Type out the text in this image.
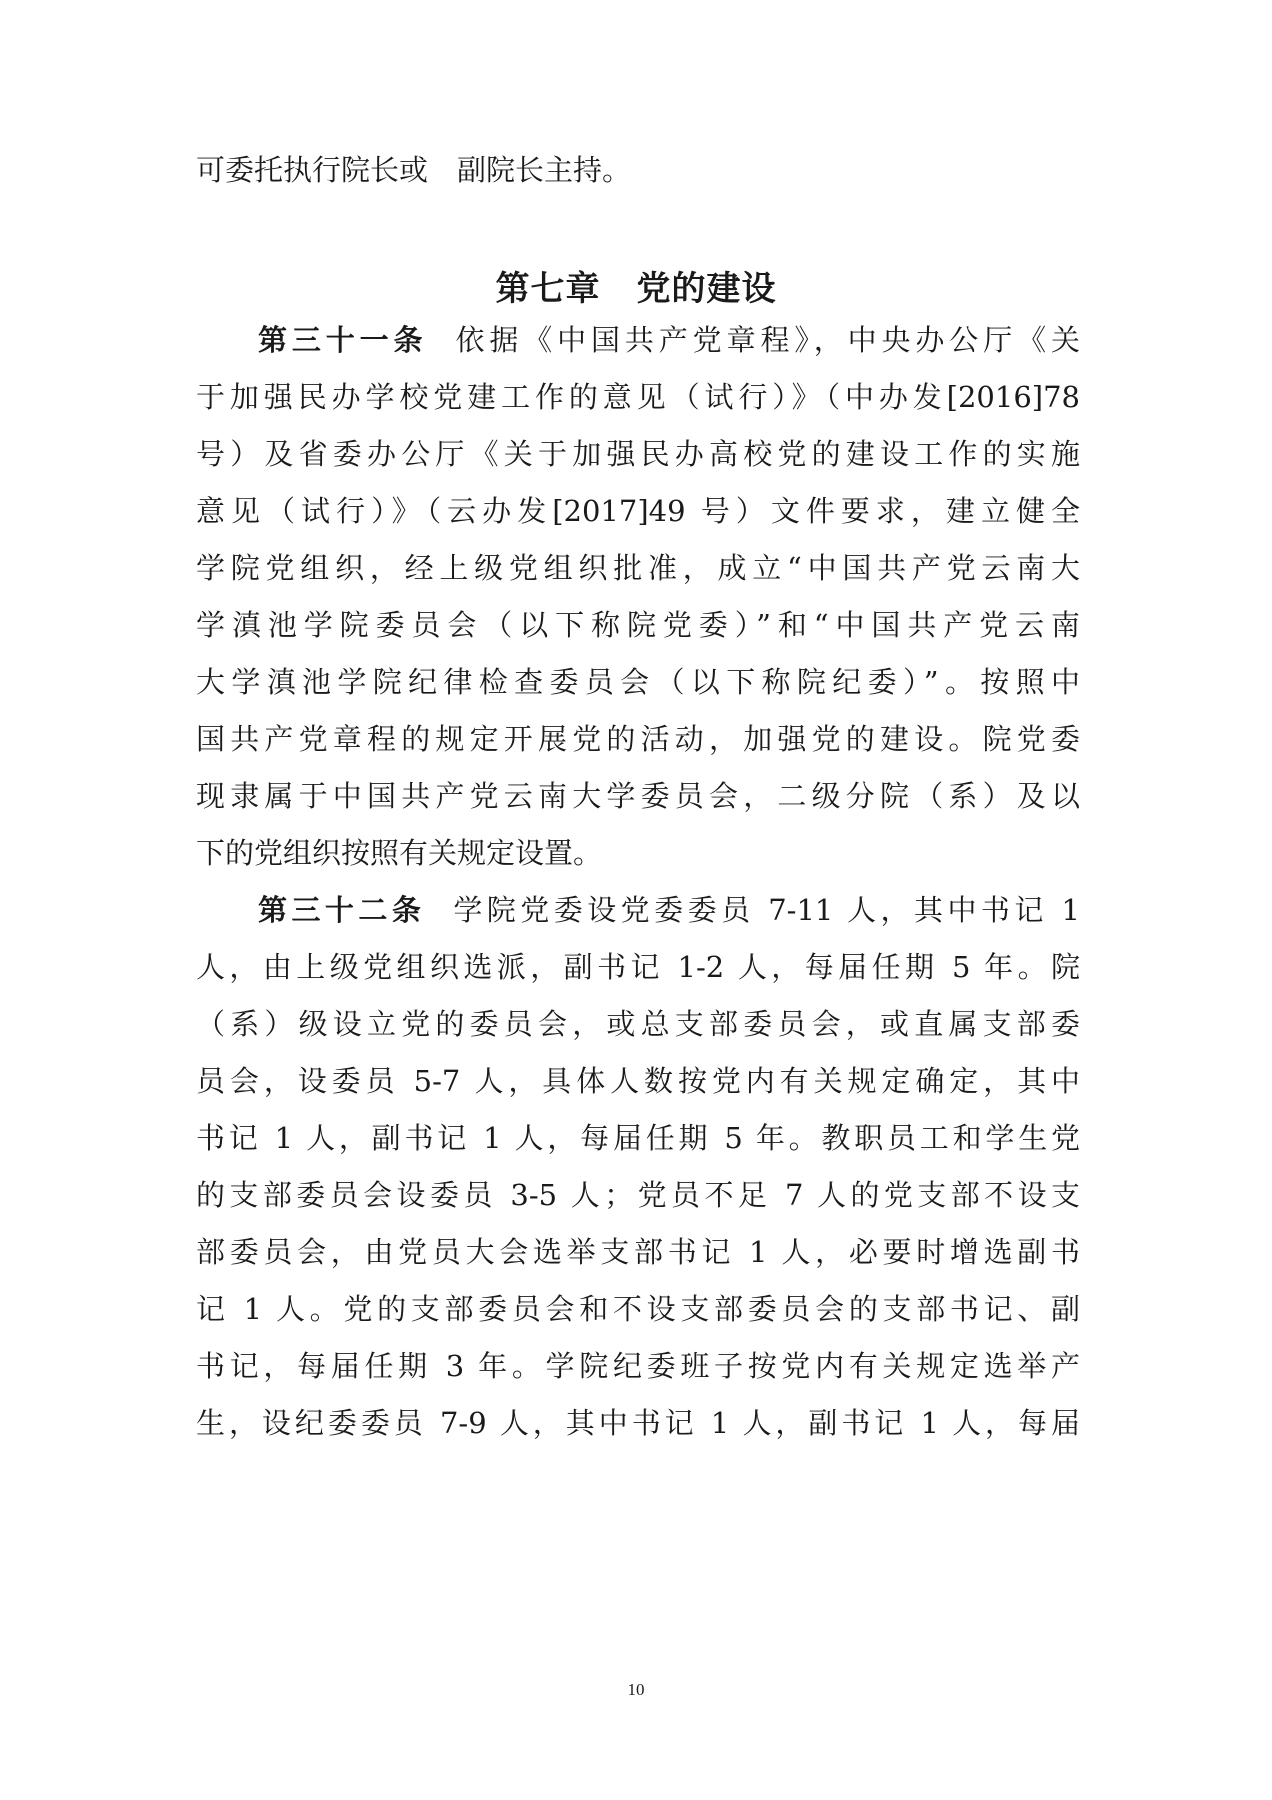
可委托执行院长或　副院长主持。
第七章 党的建设
第三十一条 依据《中国共产党章程》，中央办公厅《关
于加强民办学校党建工作的意见（试行）》（中办发[2016]78
号）及省委办公厅《关于加强民办高校党的建设工作的实施
意见（试行）》（云办发[2017]49 号）文件要求，建立健全
学院党组织，经上级党组织批准，成立“中国共产党云南大
学滇池学院委员会（以下称院党委）”和“中国共产党云南
大学滇池学院纪律检查委员会（以下称院纪委）”。按照中
国共产党章程的规定开展党的活动，加强党的建设。院党委
现隶属于中国共产党云南大学委员会，二级分院（系）及以
下的党组织按照有关规定设置。
第三十二条 学院党委设党委委员 7-11 人，其中书记 1
人，由上级党组织选派，副书记 1-2 人，每届任期 5 年。院
（系）级设立党的委员会，或总支部委员会，或直属支部委
员会，设委员 5-7 人，具体人数按党内有关规定确定，其中
书记 1 人，副书记 1 人，每届任期 5 年。教职员工和学生党
的支部委员会设委员 3-5 人；党员不足 7 人的党支部不设支
部委员会，由党员大会选举支部书记 1 人，必要时增选副书
记 1 人。党的支部委员会和不设支部委员会的支部书记、副
书记，每届任期 3 年。学院纪委班子按党内有关规定选举产
生，设纪委委员 7-9 人，其中书记 1 人，副书记 1 人，每届
10
